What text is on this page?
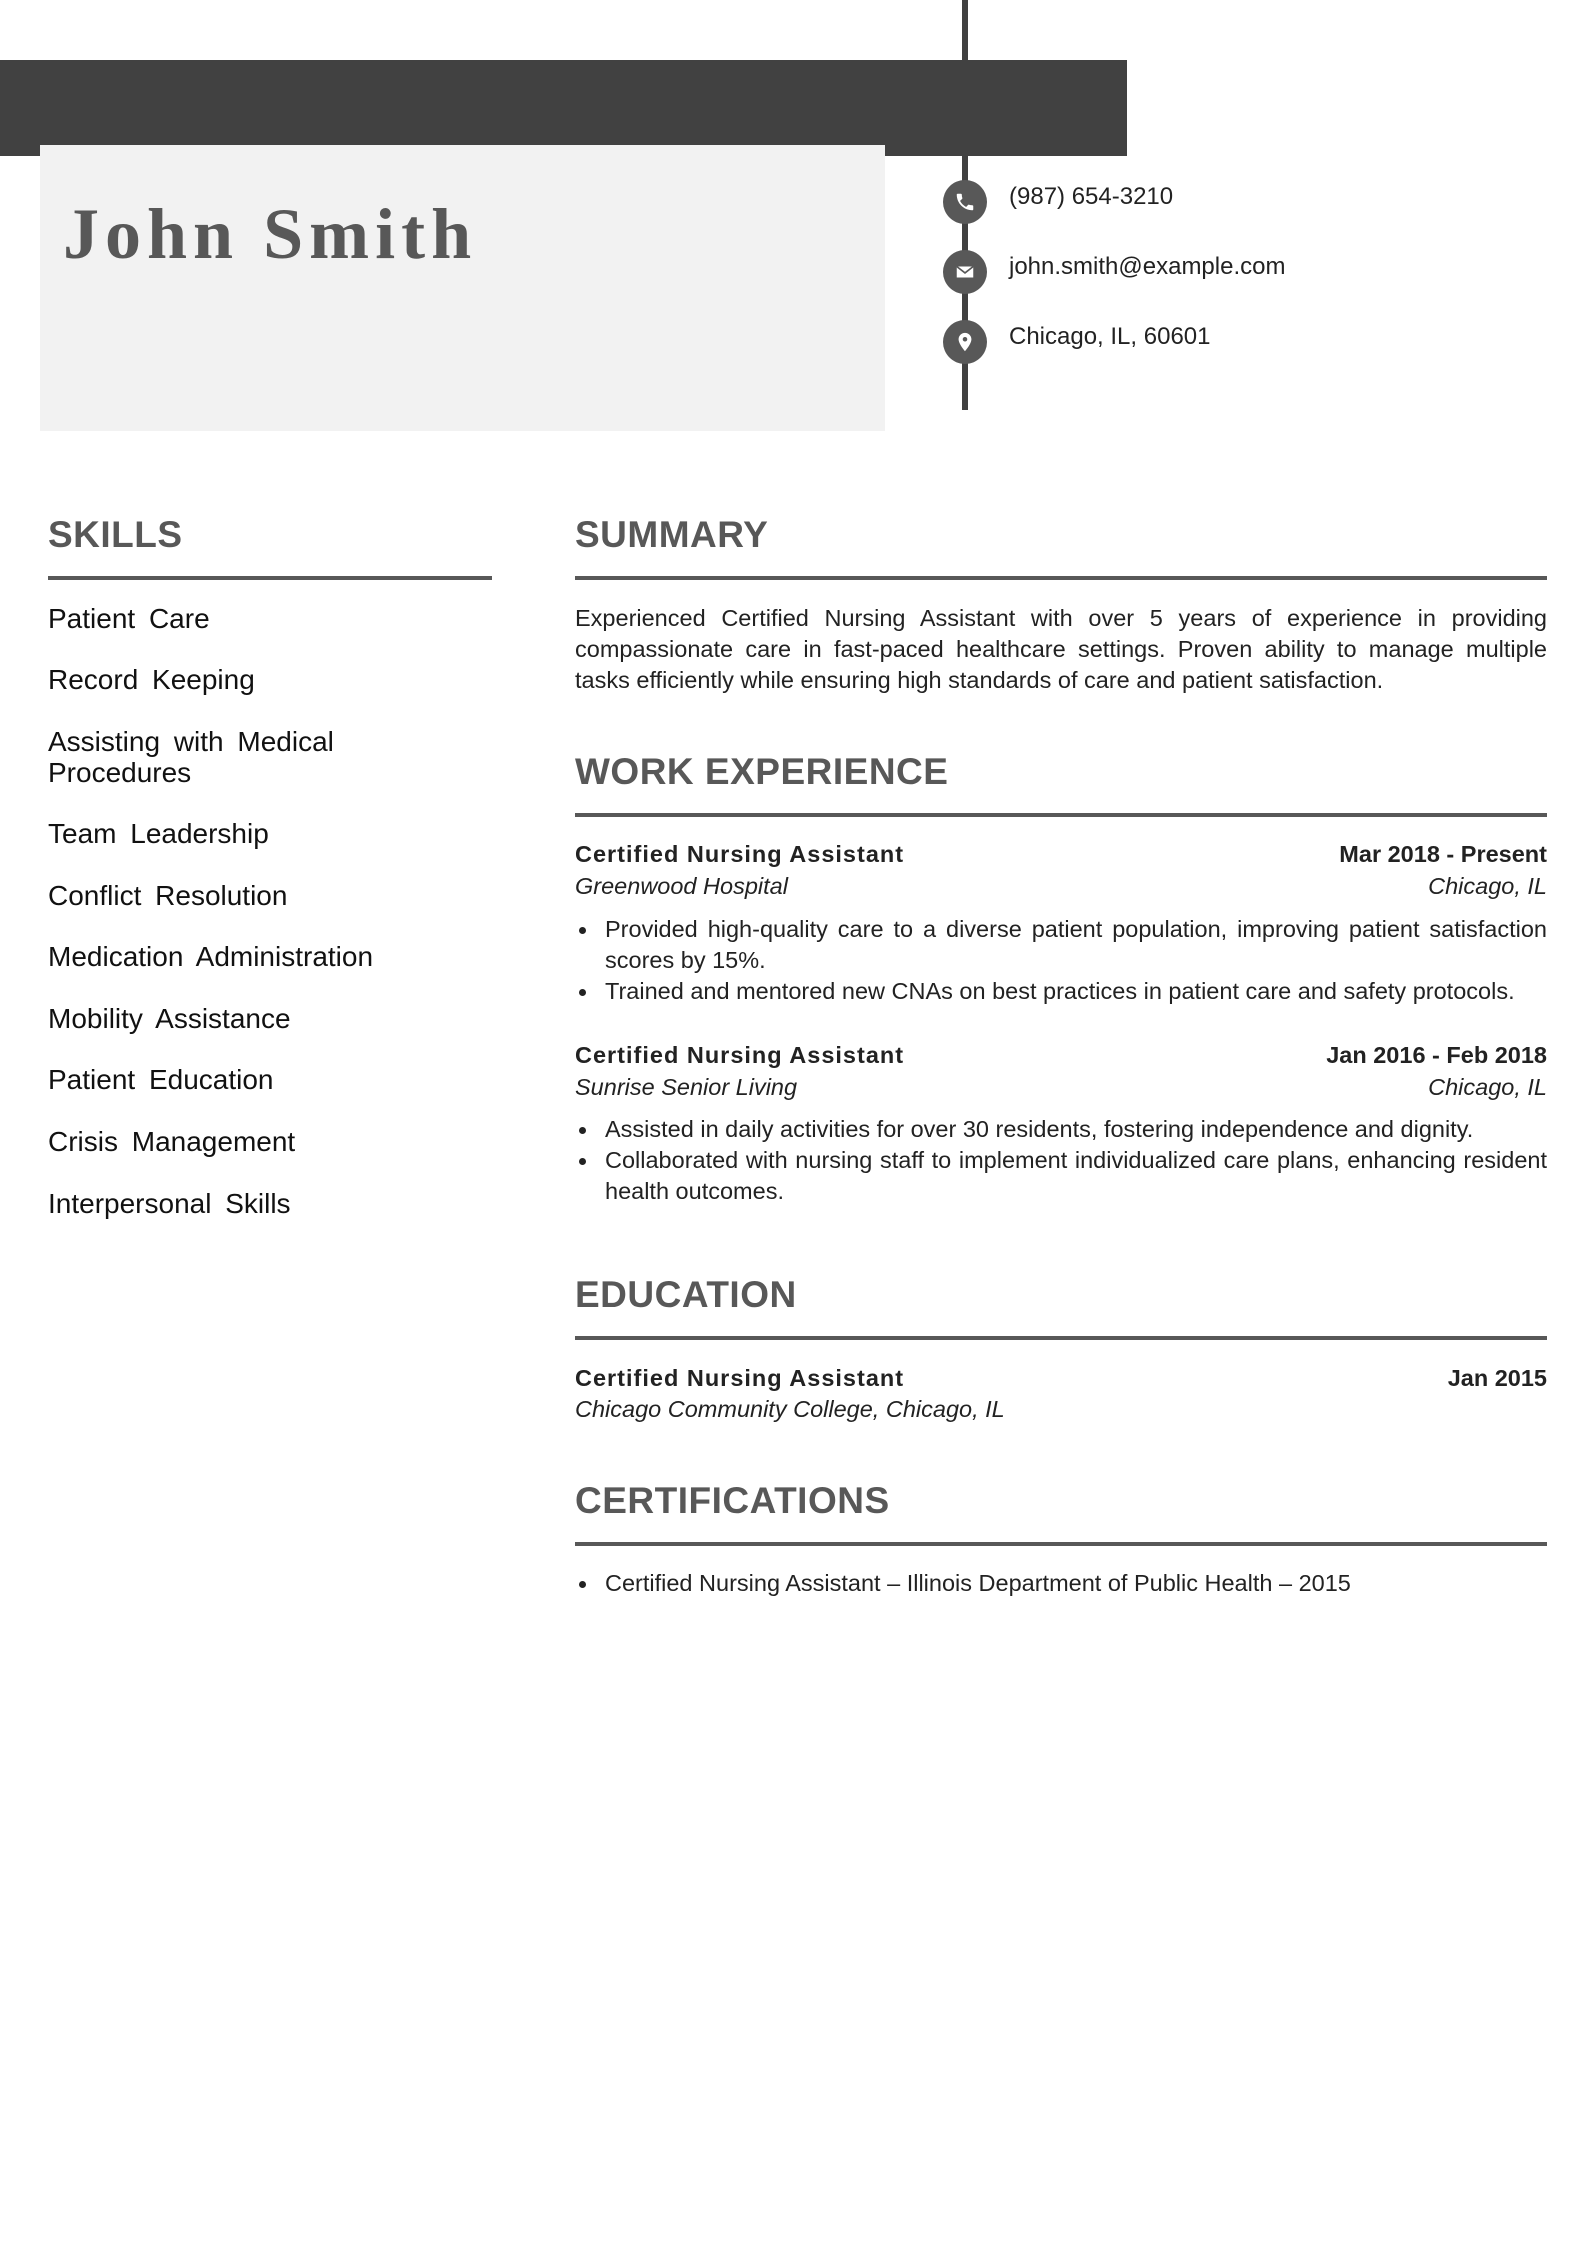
John Smith	(987) 654-3210
john.smith@example.com
Chicago, IL, 60601
SKILLS
Patient Care
Record Keeping
Assisting with Medical Procedures
Team Leadership
Conflict Resolution
Medication Administration
Mobility Assistance
Patient Education
Crisis Management
Interpersonal Skills
SUMMARY
Experienced Certified Nursing Assistant with over 5 years of experience in providing compassionate care in fast-paced healthcare settings. Proven ability to manage multiple tasks efficiently while ensuring high standards of care and patient satisfaction.
WORK EXPERIENCE
Certified Nursing Assistant	Mar 2018 - Present
Greenwood Hospital	Chicago, IL
Provided high-quality care to a diverse patient population, improving patient satisfaction scores by 15%.
Trained and mentored new CNAs on best practices in patient care and safety protocols.
Certified Nursing Assistant	Jan 2016 - Feb 2018
Sunrise Senior Living	Chicago, IL
Assisted in daily activities for over 30 residents, fostering independence and dignity.
Collaborated with nursing staff to implement individualized care plans, enhancing resident health outcomes.
EDUCATION
Certified Nursing Assistant	Jan 2015
Chicago Community College, Chicago, IL
CERTIFICATIONS
Certified Nursing Assistant – Illinois Department of Public Health – 2015
